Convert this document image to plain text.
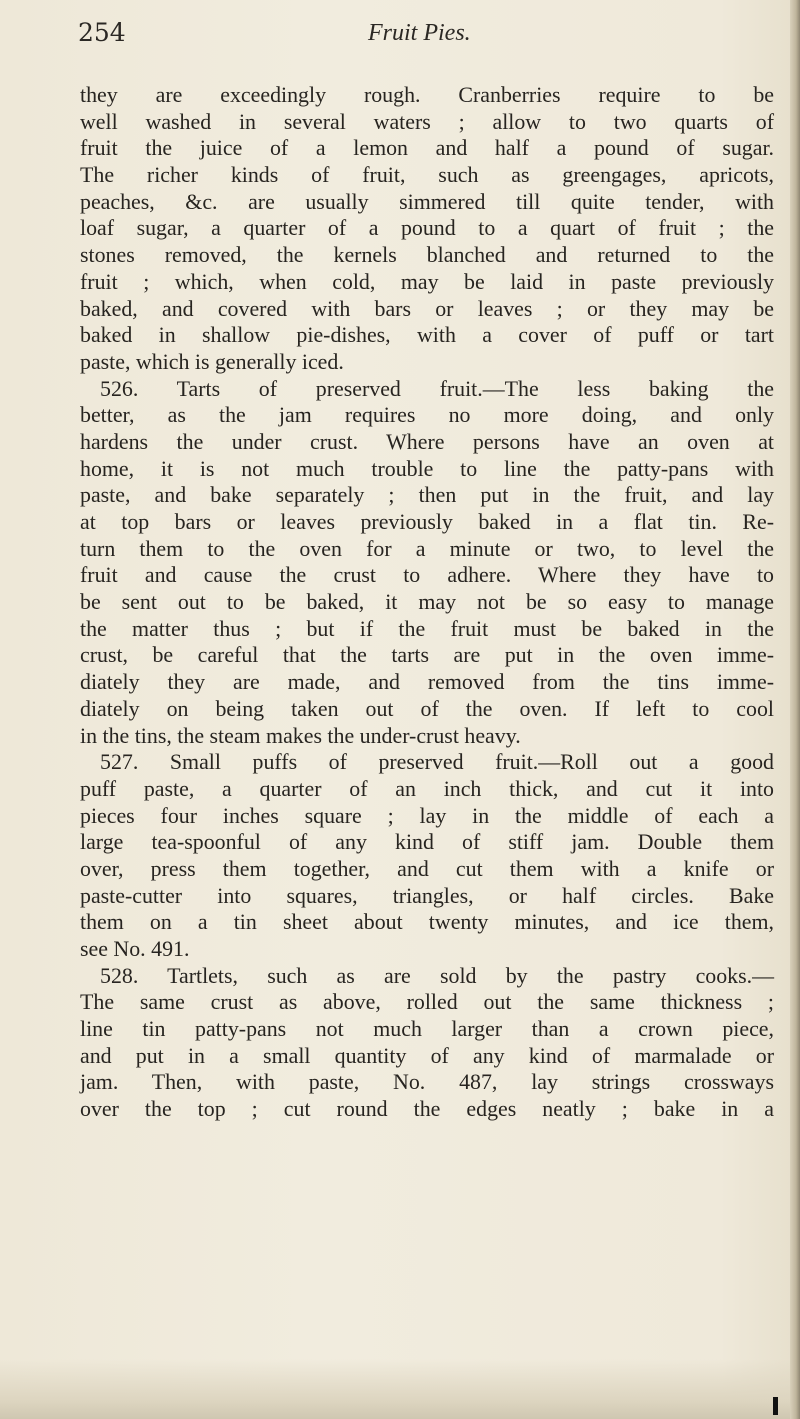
254	Fruit Pies.
they are exceedingly rough. Cranberries require to be
well washed in several waters ; allow to two quarts of
fruit the juice of a lemon and half a pound of sugar.
The richer kinds of fruit, such as greengages, apricots,
peaches, &c. are usually simmered till quite tender, with
loaf sugar, a quarter of a pound to a quart of fruit ; the
stones removed, the kernels blanched and returned to the
fruit ; which, when cold, may be laid in paste previously
baked, and covered with bars or leaves ; or they may be
baked in shallow pie-dishes, with a cover of puff or tart
paste, which is generally iced.
526. Tarts of preserved fruit.—The less baking the
better, as the jam requires no more doing, and only
hardens the under crust. Where persons have an oven at
home, it is not much trouble to line the patty-pans with
paste, and bake separately ; then put in the fruit, and lay
at top bars or leaves previously baked in a flat tin. Re-
turn them to the oven for a minute or two, to level the
fruit and cause the crust to adhere. Where they have to
be sent out to be baked, it may not be so easy to manage
the matter thus ; but if the fruit must be baked in the
crust, be careful that the tarts are put in the oven imme-
diately they are made, and removed from the tins imme-
diately on being taken out of the oven. If left to cool
in the tins, the steam makes the under-crust heavy.
527. Small puffs of preserved fruit.—Roll out a good
puff paste, a quarter of an inch thick, and cut it into
pieces four inches square ; lay in the middle of each a
large tea-spoonful of any kind of stiff jam. Double them
over, press them together, and cut them with a knife or
paste-cutter into squares, triangles, or half circles. Bake
them on a tin sheet about twenty minutes, and ice them,
see No. 491.
528. Tartlets, such as are sold by the pastry cooks.—
The same crust as above, rolled out the same thickness ;
line tin patty-pans not much larger than a crown piece,
and put in a small quantity of any kind of marmalade or
jam. Then, with paste, No. 487, lay strings crossways
over the top ; cut round the edges neatly ; bake in a
